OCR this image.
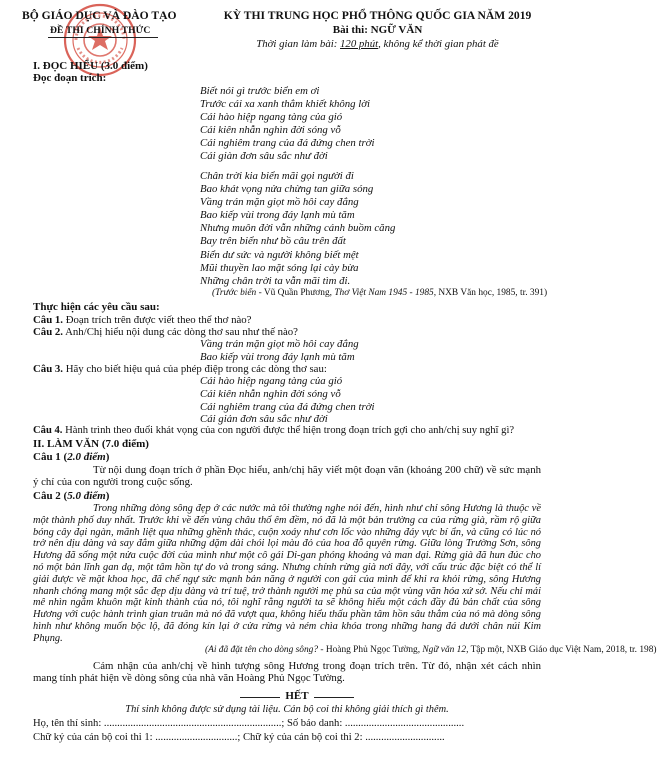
BỘ GIÁO DỤC VÀ ĐÀO TẠO
ĐỀ THI CHÍNH THỨC
KỲ THI TRUNG HỌC PHỔ THÔNG QUỐC GIA NĂM 2019
Bài thi: NGỮ VĂN
Thời gian làm bài: 120 phút, không kể thời gian phát đề
I. ĐỌC HIỂU (3.0 điểm)
Đọc đoạn trích:
Biết nói gì trước biển em ơi
Trước cái xa xanh thẳm khiết không lời
Cái hào hiệp ngang tàng của gió
Cái kiên nhẫn nghìn đời sóng vỗ
Cái nghiêm trang của đá đứng chen trời
Cái giàn đơn sâu sắc như đời
Chân trời kia biển mãi gọi người đi
Bao khát vọng nửa chừng tan giữa sóng
Vầng trán mặn giọt mồ hôi cay đắng
Bao kiếp vùi trong đáy lạnh mù tăm
Nhưng muôn đời vẫn những cánh buồm căng
Bay trên biển như bồ câu trên đất
Biển dư sức và người không biết mệt
Mũi thuyền lao mặt sóng lại cày bừa
Những chân trời ta vẫn mãi tìm đi.
(Trước biển - Vũ Quần Phương, Thơ Việt Nam 1945 - 1985, NXB Văn học, 1985, tr. 391)
Thực hiện các yêu cầu sau:
Câu 1. Đoạn trích trên được viết theo thể thơ nào?
Câu 2. Anh/Chị hiểu nội dung các dòng thơ sau như thế nào?
Vầng trán mặn giọt mồ hôi cay đắng
Bao kiếp vùi trong đáy lạnh mù tăm
Câu 3. Hãy cho biết hiệu quả của phép điệp trong các dòng thơ sau:
Cái hào hiệp ngang tàng của gió
Cái kiên nhẫn nghìn đời sóng vỗ
Cái nghiêm trang của đá đứng chen trời
Cái giản đơn sâu sắc như đời
Câu 4. Hành trình theo đuổi khát vọng của con người được thể hiện trong đoạn trích gợi cho anh/chị suy nghĩ gì?
II. LÀM VĂN (7.0 điểm)
Câu 1 (2.0 điểm)
Từ nội dung đoạn trích ở phần Đọc hiểu, anh/chị hãy viết một đoạn văn (khoảng 200 chữ) về sức mạnh ý chí của con người trong cuộc sống.
Câu 2 (5.0 điểm)
Trong những dòng sông đẹp ở các nước mà tôi thường nghe nói đến, hình như chỉ sông Hương là thuộc về một thành phố duy nhất. Trước khi về đến vùng châu thổ êm đềm, nó đã là một bản trường ca của rừng già, rầm rộ giữa bóng cây đại ngàn, mãnh liệt qua những ghềnh thác, cuộn xoáy như cơn lốc vào những đáy vực bí ẩn, và cũng có lúc nó trở nên dịu dàng và say đắm giữa những dặm dài chói lọi màu đỏ của hoa đỗ quyên rừng. Giữa lòng Trường Sơn, sông Hương đã sống một nửa cuộc đời của mình như một cô gái Di-gan phóng khoáng và man dại. Rừng già đã hun đúc cho nó một bản lĩnh gan dạ, một tâm hồn tự do và trong sáng. Nhưng chính rừng già nơi đây, với cấu trúc đặc biệt có thể lí giải được về mặt khoa học, đã chế ngự sức mạnh bản năng ở người con gái của mình để khi ra khỏi rừng, sông Hương nhanh chóng mang một sắc đẹp dịu dàng và trí tuệ, trở thành người mẹ phù sa của một vùng văn hóa xứ sở. Nếu chỉ mải mê nhìn ngắm khuôn mặt kinh thành của nó, tôi nghĩ rằng người ta sẽ không hiểu một cách đầy đủ bản chất của sông Hương với cuộc hành trình gian truân mà nó đã vượt qua, không hiểu thấu phần tâm hồn sâu thẳm của nó mà dòng sông hình như không muốn bộc lộ, đã đóng kín lại ở cửa rừng và ném chìa khóa trong những hang đá dưới chân núi Kim Phụng.
(Ai đã đặt tên cho dòng sông? - Hoàng Phủ Ngọc Tường, Ngữ văn 12, Tập một, NXB Giáo dục Việt Nam, 2018, tr. 198)
Cảm nhận của anh/chị về hình tượng sông Hương trong đoạn trích trên. Từ đó, nhận xét cách nhìn mang tính phát hiện về dòng sông của nhà văn Hoàng Phủ Ngọc Tường.
HẾT
Thí sinh không được sử dụng tài liệu. Cán bộ coi thi không giải thích gì thêm.
Họ, tên thí sinh: ...................................................................; Số báo danh: .............................................
Chữ ký của cán bộ coi thi 1: ...............................; Chữ ký của cán bộ coi thi 2: ..............................
